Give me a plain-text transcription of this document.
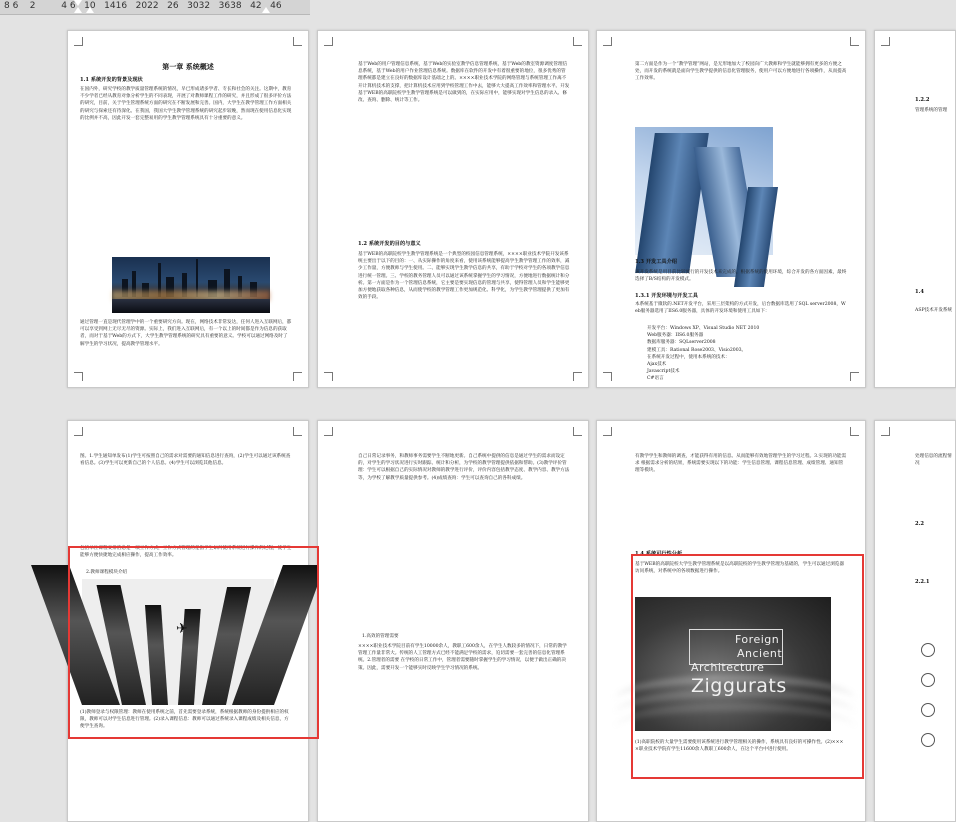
8 6    2         4 6   10   1416   2022   26   3032   3638   42   46
第一章 系统概述
1.1 系统开发的背景及现状
在国内外，研究学校的教学质量管理系统的情况，早已形成诸多学者、专长和社会的关注。这期中，教育不少学者已经从教育对象分析学生的不同表现，开展了对教师课程工作的研究，并且形成了很多评价方法的研究，目前，关于学生管理系统方面的研究在不断发展和完善。国内，大学生在教学管理工作方面相关的研究与探索还有待深化。在我国，我国大学生教学管理系统的研究起步较晚，然而现在使用信息化实现的比例并不高，因此开发一套完整易用的学生教学管理系统具有十分重要的意义。
通过管理一直是现代管理学中的一个重要研究方向。现在，网络技术非常发达，任何人进入互联网后，都可以享受到网上无尽无尽的资源。实际上，我们进入互联网后，有一个以上的时间都是作为信息的获取者，而对于基于Web的方式下，大学生教学管理系统的研究具有重要的意义。学校可以通过网络及时了解学生的学习状况，提高教学管理水平。
基于Web的用户管理信息系统，基于Web的实验室教学信息管理系统，基于Web的教室资源调度管理信息系统，基于Web的用户作业管理信息系统。数据库在软件的开发中有着很重要的地位，很多优秀的管理系统都是建立在良好的数据库设计基础之上的。××××职业技术学院的网络管理与系统管理工作离不开计算机技术的支撑，把计算机技术应用到学校管理工作中去，能够大大提高工作效率和管理水平。开发基于WEB的高职院校学生教学管理系统是可以做到的，在实际应用中，能够实现对学生信息的录入、修改、查询、删除、统计等工作。
1.2 系统开发的目的与意义
基于WEB的高职院校学生教学管理系统是一个典型的校园信息管理系统，××××职业技术学院开发该系统主要出于以下的目的：一、从实际操作的角度来看，使用该系统能够提高学生教学管理工作的效率，减少工作量，方便教师与学生使用。二、能够实现学生教学信息的共享，有助于学校对学生的各项教学信息进行统一管理。三、学校的教务管理人员可以通过该系统掌握学生的学习情况，方便地进行数据统计和分析。第一方面是作为一个管理信息系统，它主要是要实现信息的管理与共享，使得管理人员和学生能够更加方便地获取各种信息，从而使学校的教学管理工作更加规范化、科学化，为学生教学管理提供了更加有效的手段。
第二方面是作为一个“教学管理”网站，是无形地加大了校园向广大教师和学生就能够拥有更多的方便之处，而开发的系统就是面向学生教学提供的信息化管理服务，使用户可以方便地进行各项操作，从而提高工作效率。
1.3 开发工具介绍
该开发系统是用目前比较流行的开发技术来完成的，根据系统的使用环境，综合开发的各方面因素，最终选择了B/S结构的开发模式。
1.3.1 开发环境与开发工具
本系统基于微软的.NET开发平台，采用三层架构的方式开发，后台数据库选用了SQL server2008，Web服务器选用了IIS6.0服务器，具体的开发环境和使用工具如下：
开发平台：Windows XP、Visual Studio NET 2010
Web服务器：IIS6.0服务器
数据库服务器：SQLserver2008
建模工具：Rational Rose2003、Visio2003。
在系统开发过程中，使用本系统的技术：
Ajax技术
Javascript技术
C#语言
1.2.2
管理系统的管理
1.4
ASP技术开发系统
图。1.学生通知单发布(1)学生可按照自己的需求对需要的通知信息进行查询，(2)学生可以通过该系统查看信息。(3)学生可以更新自己的个人信息。(4)学生可以浏览其他信息。
包括单位课程安排信息是一项工作方式，工作方式管理的是指学生如何使用系统进行操作的过程，使学生能够方便快捷地完成相应操作，提高工作效率。
2.教师课程模块介绍
✈
(1)教师登录与权限管理：教师在使用系统之前，首先需要登录系统，系统根据教师的身份提供相应的权限，教师可以对学生信息进行管理。(2)录入课程信息：教师可以通过系统录入课程成绩及相关信息，方便学生查询。
自己日常记录事务，和教师事务需要学生不断地更新。自己系统中提供的信息是通过学生的需求而设定的，对学生的学习状况进行实时跟踪、统计和分析，为学校的教学管理提供依据和帮助。(3)教学评价管理：学生可以根据自己的实际情况对教师的教学进行评价，评价内容包括教学态度、教学内容、教学方法等，为学校了解教学质量提供参考。(4)成绩查询：学生可以查询自己的各科成绩。
1.高效的管理需要
××××职业技术学院目前有学生10000余人，教职工600余人，在学生人数较多的情况下，日常的教学管理工作量非常大。传统的人工管理方式已经不能满足学校的需求，迫切需要一套完善的信息化管理系统。2.管理者的需要 在学校的日常工作中，管理者需要随时掌握学生的学习情况，以便于做出正确的决策。因此，需要开发一个能够实时反映学生学习情况的系统。
有教学学生和教师的调查，才能获得有用的信息。从而能够有效地管理学生的学习过程。3.实现的功能需求 根据需求分析的结果，系统需要实现以下的功能：学生信息管理、课程信息管理、成绩管理、通知管理等模块。
1.4 系统可行性分析
基于WEB的高职院校大学生教学管理系统是以高职院校的学生教学管理为基础的，学生可以通过浏览器访问系统，对系统中的各项数据进行操作。
Foreign
Ancient
Architecture
Ziggurats
(1)高职院校的大量学生需要使用该系统进行教学管理相关的操作，系统具有良好的可操作性。(2)××××职业技术学院有学生11600余人教职工600余人，在这个平台中进行使用。
处理信息的流程情况
2.2
2.2.1
